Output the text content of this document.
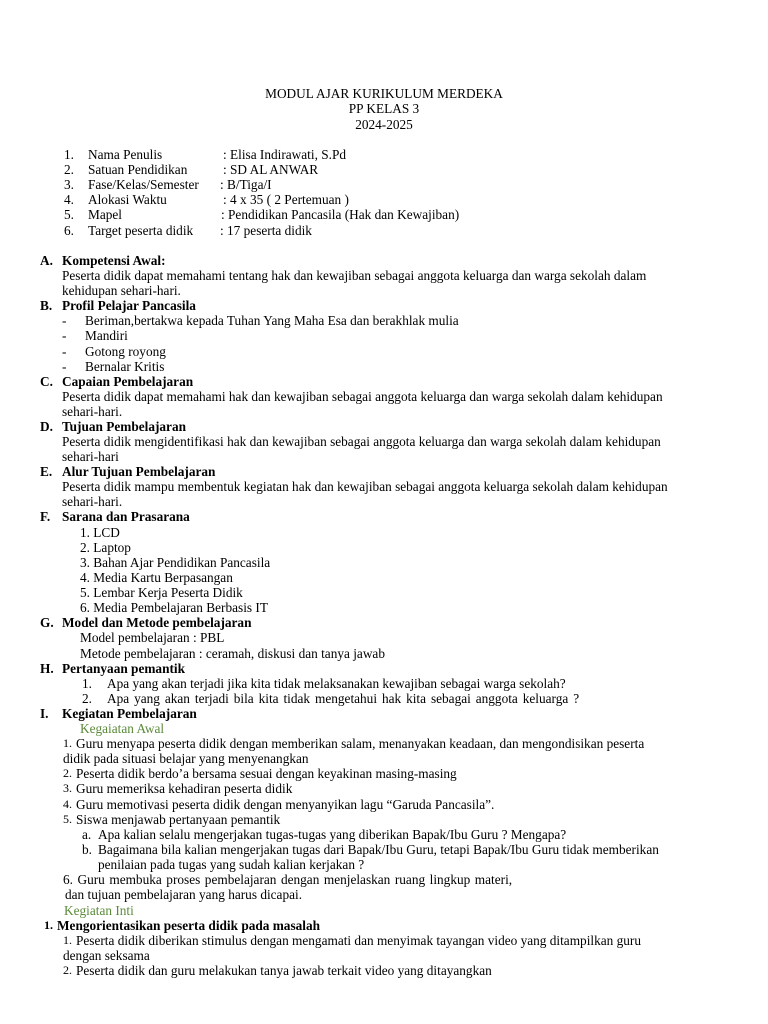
MODUL AJAR KURIKULUM MERDEKA
PP KELAS 3
2024-2025
1. Nama Penulis	: Elisa Indirawati, S.Pd
2. Satuan Pendidikan	: SD AL ANWAR
3. Fase/Kelas/Semester : B/Tiga/I
4. Alokasi Waktu	: 4 x 35 ( 2 Pertemuan )
5. Mapel	: Pendidikan Pancasila (Hak dan Kewajiban)
6. Target peserta didik : 17 peserta didik
A. Kompetensi Awal:
Peserta didik dapat memahami tentang hak dan kewajiban sebagai anggota keluarga dan warga sekolah dalam
kehidupan sehari-hari.
B. Profil Pelajar Pancasila
- Beriman,bertakwa kepada Tuhan Yang Maha Esa dan berakhlak mulia
- Mandiri
- Gotong royong
- Bernalar Kritis
C. Capaian Pembelajaran
Peserta didik dapat memahami hak dan kewajiban sebagai anggota keluarga dan warga sekolah dalam kehidupan
sehari-hari.
D. Tujuan Pembelajaran
Peserta didik mengidentifikasi hak dan kewajiban sebagai anggota keluarga dan warga sekolah dalam kehidupan
sehari-hari
E. Alur Tujuan Pembelajaran
Peserta didik mampu membentuk kegiatan hak dan kewajiban sebagai anggota keluarga sekolah dalam kehidupan
sehari-hari.
F. Sarana dan Prasarana
1. LCD
2. Laptop
3. Bahan Ajar Pendidikan Pancasila
4. Media Kartu Berpasangan
5. Lembar Kerja Peserta Didik
6. Media Pembelajaran Berbasis IT
G. Model dan Metode pembelajaran
Model pembelajaran : PBL
Metode pembelajaran : ceramah, diskusi dan tanya jawab
H. Pertanyaan pemantik
1. Apa yang akan terjadi jika kita tidak melaksanakan kewajiban sebagai warga sekolah?
2. Apa yang akan terjadi bila kita tidak mengetahui hak kita sebagai anggota keluarga ?
I. Kegiatan Pembelajaran
Kegaiatan Awal
1. Guru menyapa peserta didik dengan memberikan salam, menanyakan keadaan, dan mengondisikan peserta
didik pada situasi belajar yang menyenangkan
2. Peserta didik berdo’a bersama sesuai dengan keyakinan masing-masing
3. Guru memeriksa kehadiran peserta didik
4. Guru memotivasi peserta didik dengan menyanyikan lagu “Garuda Pancasila”.
5. Siswa menjawab pertanyaan pemantik
a. Apa kalian selalu mengerjakan tugas-tugas yang diberikan Bapak/Ibu Guru ? Mengapa?
b. Bagaimana bila kalian mengerjakan tugas dari Bapak/Ibu Guru, tetapi Bapak/Ibu Guru tidak memberikan
penilaian pada tugas yang sudah kalian kerjakan ?
6. Guru membuka proses pembelajaran dengan menjelaskan ruang lingkup materi,
dan tujuan pembelajaran yang harus dicapai.
Kegiatan Inti
1. Mengorientasikan peserta didik pada masalah
1. Peserta didik diberikan stimulus dengan mengamati dan menyimak tayangan video yang ditampilkan guru
dengan seksama
2. Peserta didik dan guru melakukan tanya jawab terkait video yang ditayangkan
